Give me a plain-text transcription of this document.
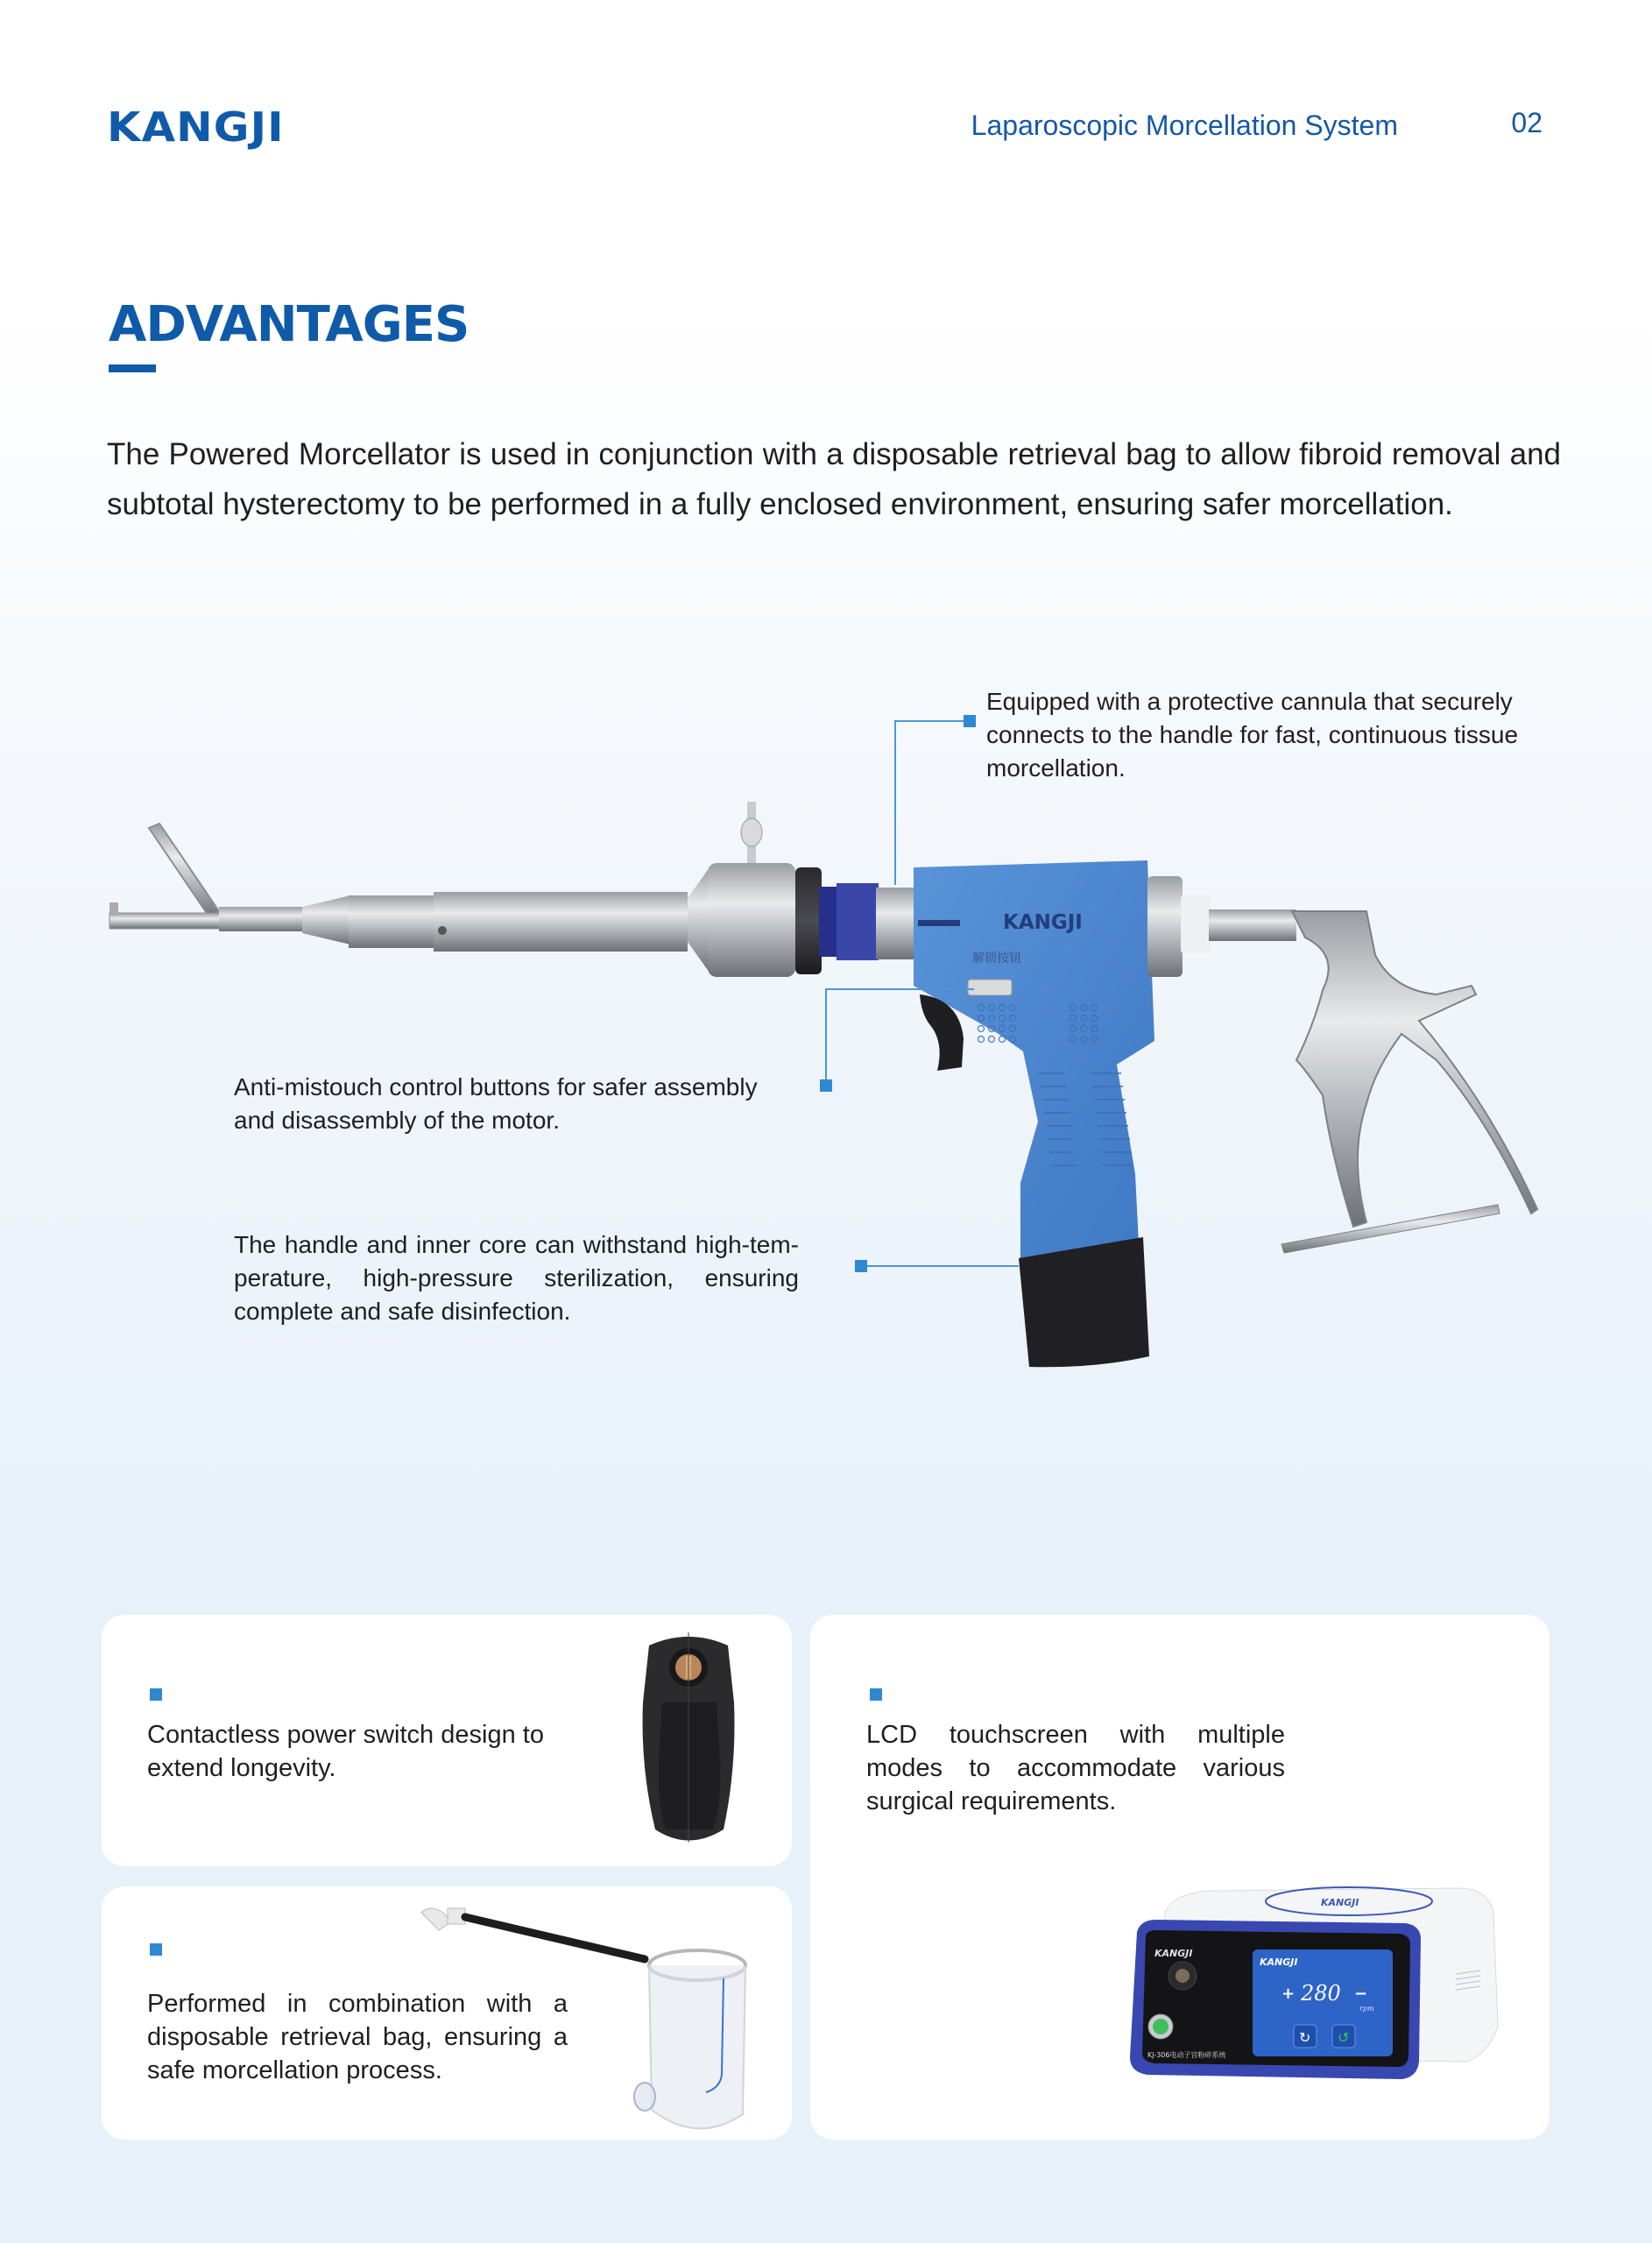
KANGJI	Laparoscopic Morcellation System	02
ADVANTAGES

The Powered Morcellator is used in conjunction with a disposable retrieval bag to allow fibroid removal and subtotal hysterectomy to be performed in a fully enclosed environment, ensuring safer morcellation.

KANGJI
解锁按钮

Equipped with a protective cannula that securely connects to the handle for fast, continuous tissue morcellation.

Anti-mistouch control buttons for safer assembly and disassembly of the motor.

The handle and inner core can withstand high-tem-perature, high-pressure sterilization, ensuring complete and safe disinfection.

Contactless power switch design to extend longevity.

Performed in combination with a disposable retrieval bag, ensuring a safe morcellation process.

LCD touchscreen with multiple modes to accommodate various surgical requirements.

KANGJI
KANGJI
KJ-306电动子宫粉碎系统
KANGJI
+ 280 −
rpm
↻ ↺
